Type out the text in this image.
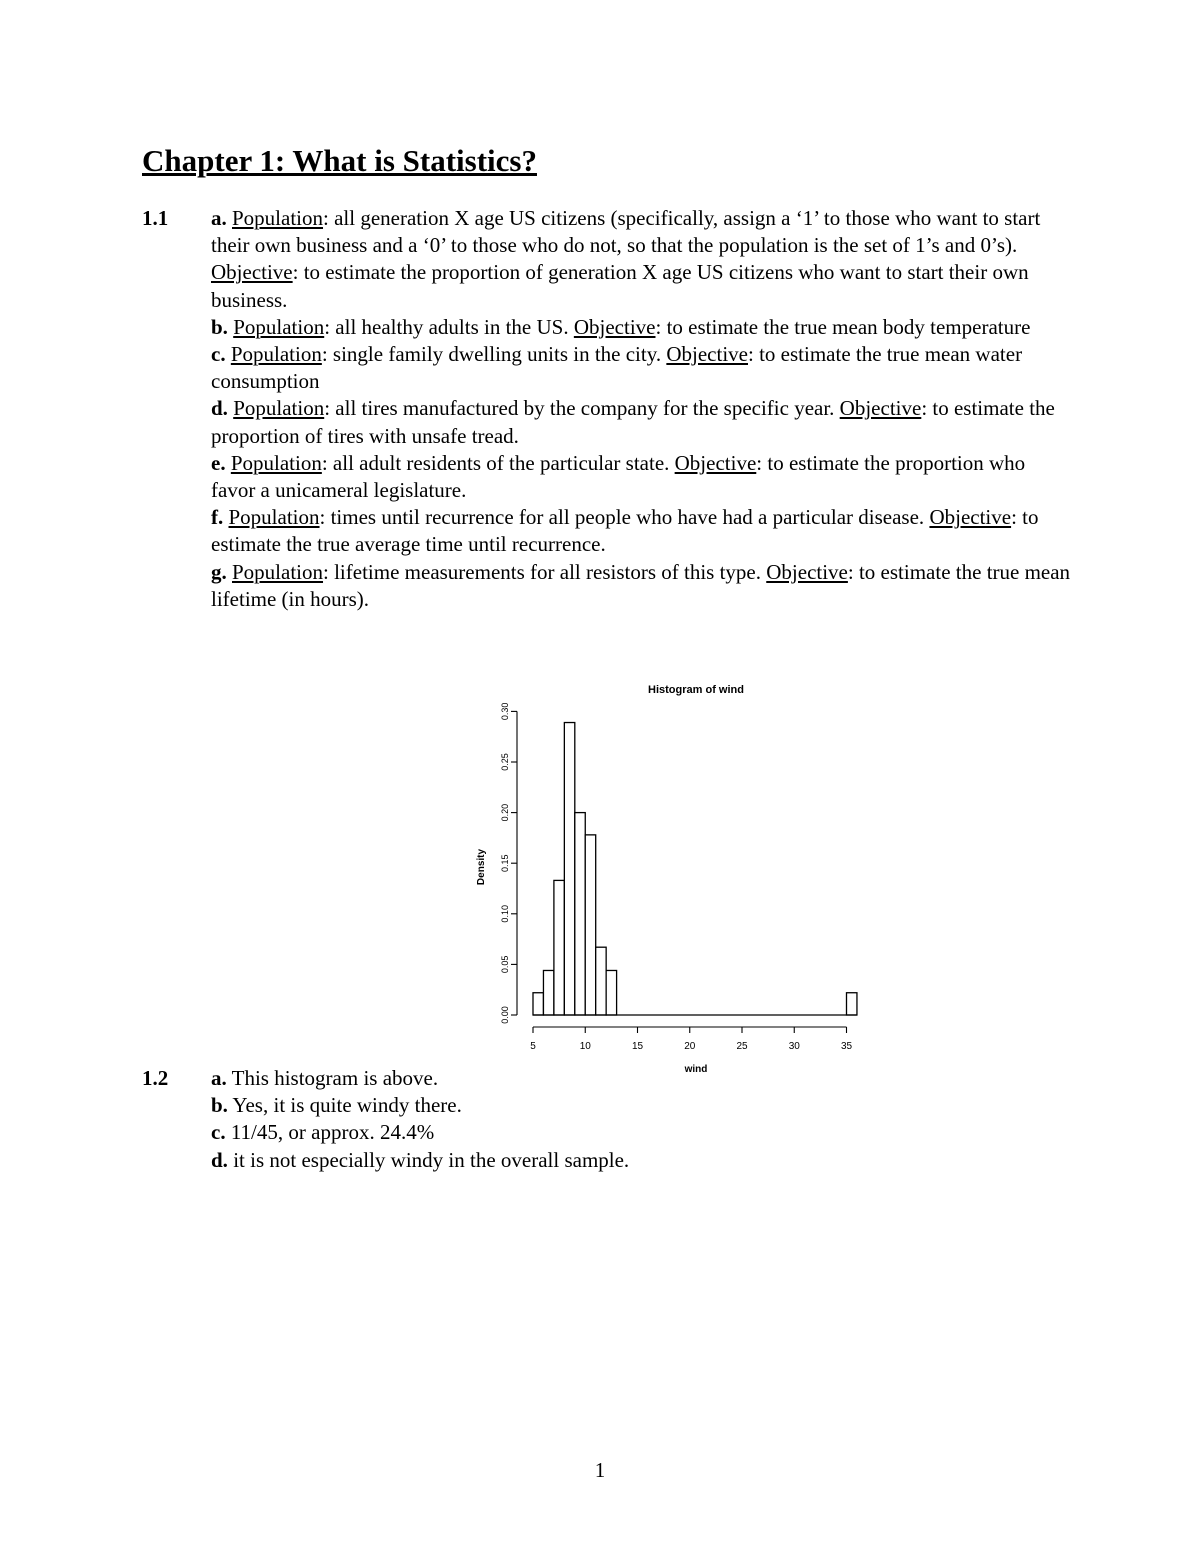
Chapter 1: What is Statistics?
1.1 a. Population: all generation X age US citizens (specifically, assign a ‘1’ to those who want to start their own business and a ‘0’ to those who do not, so that the population is the set of 1’s and 0’s). Objective: to estimate the proportion of generation X age US citizens who want to start their own business.

b. Population: all healthy adults in the US. Objective: to estimate the true mean body temperature

c. Population: single family dwelling units in the city. Objective: to estimate the true mean water consumption

d. Population: all tires manufactured by the company for the specific year. Objective: to estimate the proportion of tires with unsafe tread.

e. Population: all adult residents of the particular state. Objective: to estimate the proportion who favor a unicameral legislature.

f. Population: times until recurrence for all people who have had a particular disease. Objective: to estimate the true average time until recurrence.

g. Population: lifetime measurements for all resistors of this type. Objective: to estimate the true mean lifetime (in hours).

Histogram of wind
5	10	15	20	25	30	35
wind
0.00
0.05
0.10
0.15
0.20
0.25
0.30
Density
1.2 a. This histogram is above.

b. Yes, it is quite windy there.

c. 11/45, or approx. 24.4%

d. it is not especially windy in the overall sample.

1
